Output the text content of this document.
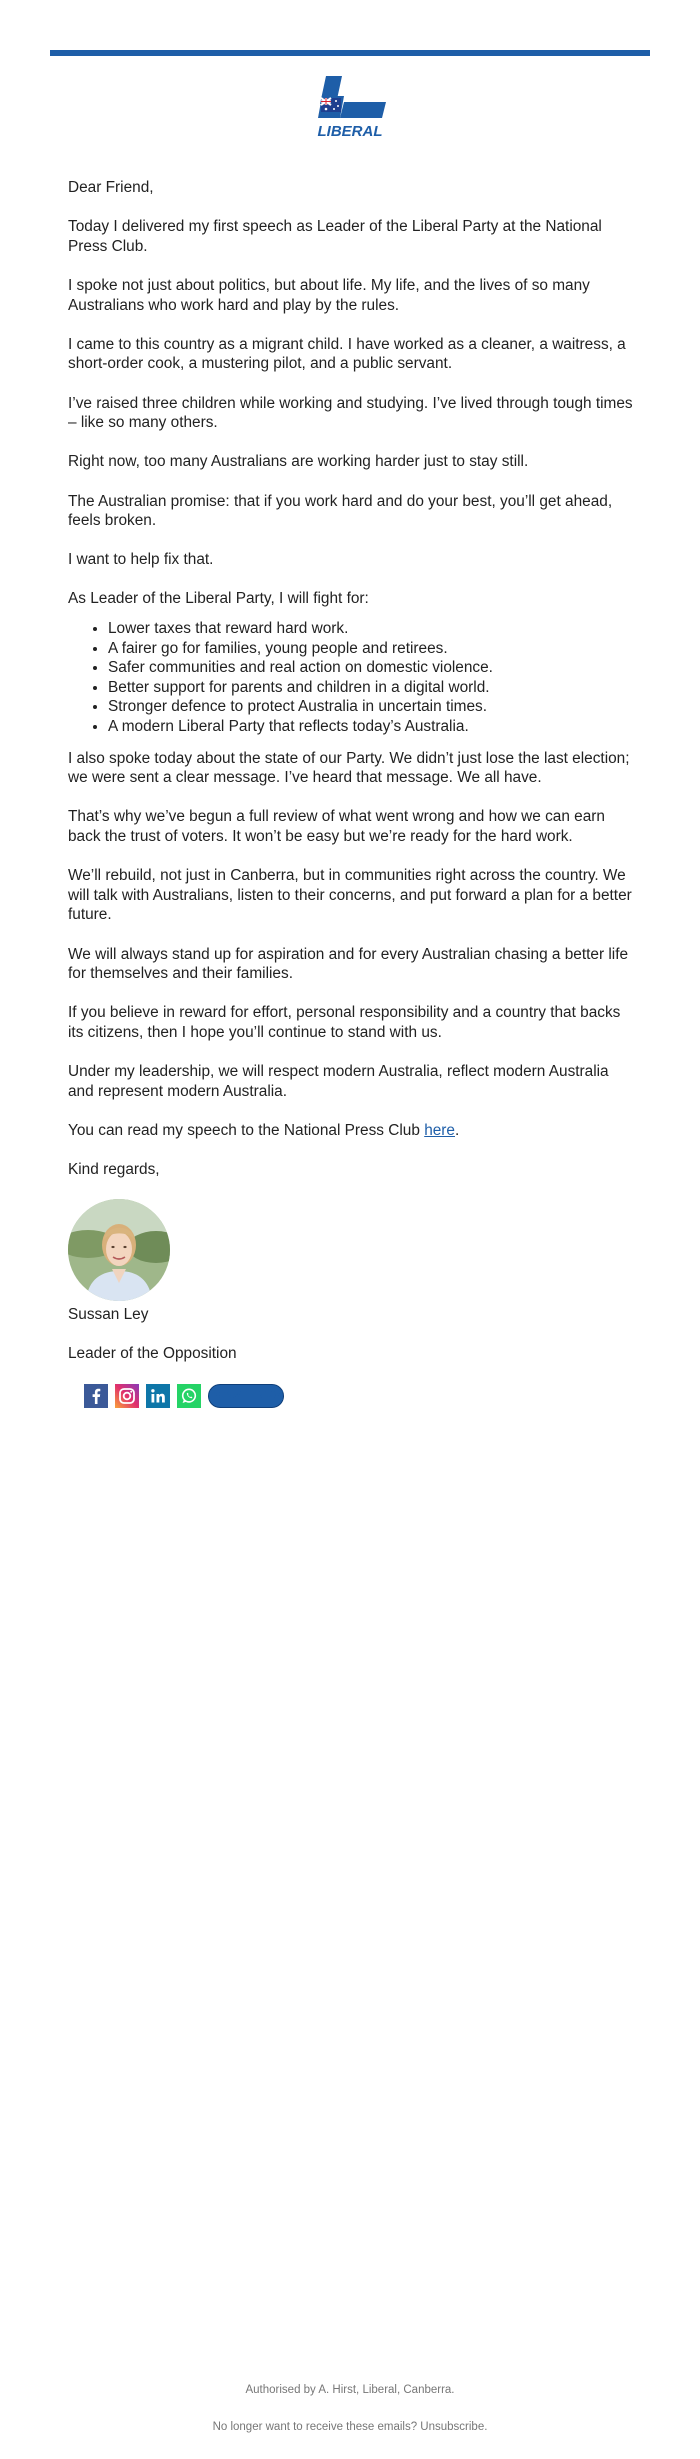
LIBERAL

Dear Friend,

Today I delivered my first speech as Leader of the Liberal Party at the National Press Club.

I spoke not just about politics, but about life. My life, and the lives of so many Australians who work hard and play by the rules.

I came to this country as a migrant child. I have worked as a cleaner, a waitress, a short-order cook, a mustering pilot, and a public servant.

I’ve raised three children while working and studying. I’ve lived through tough times – like so many others.

Right now, too many Australians are working harder just to stay still.

The Australian promise: that if you work hard and do your best, you’ll get ahead, feels broken.

I want to help fix that.

As Leader of the Liberal Party, I will fight for:

• Lower taxes that reward hard work.
• A fairer go for families, young people and retirees.
• Safer communities and real action on domestic violence.
• Better support for parents and children in a digital world.
• Stronger defence to protect Australia in uncertain times.
• A modern Liberal Party that reflects today’s Australia.

I also spoke today about the state of our Party. We didn’t just lose the last election; we were sent a clear message. I’ve heard that message. We all have.

That’s why we’ve begun a full review of what went wrong and how we can earn back the trust of voters. It won’t be easy but we’re ready for the hard work.

We’ll rebuild, not just in Canberra, but in communities right across the country. We will talk with Australians, listen to their concerns, and put forward a plan for a better future.

We will always stand up for aspiration and for every Australian chasing a better life for themselves and their families.

If you believe in reward for effort, personal responsibility and a country that backs its citizens, then I hope you’ll continue to stand with us.

Under my leadership, we will respect modern Australia, reflect modern Australia and represent modern Australia.

You can read my speech to the National Press Club here.

Kind regards,

Sussan Ley

Leader of the Opposition

DONATE NOW
Authorised by A. Hirst, Liberal, Canberra.
No longer want to receive these emails? Unsubscribe.
